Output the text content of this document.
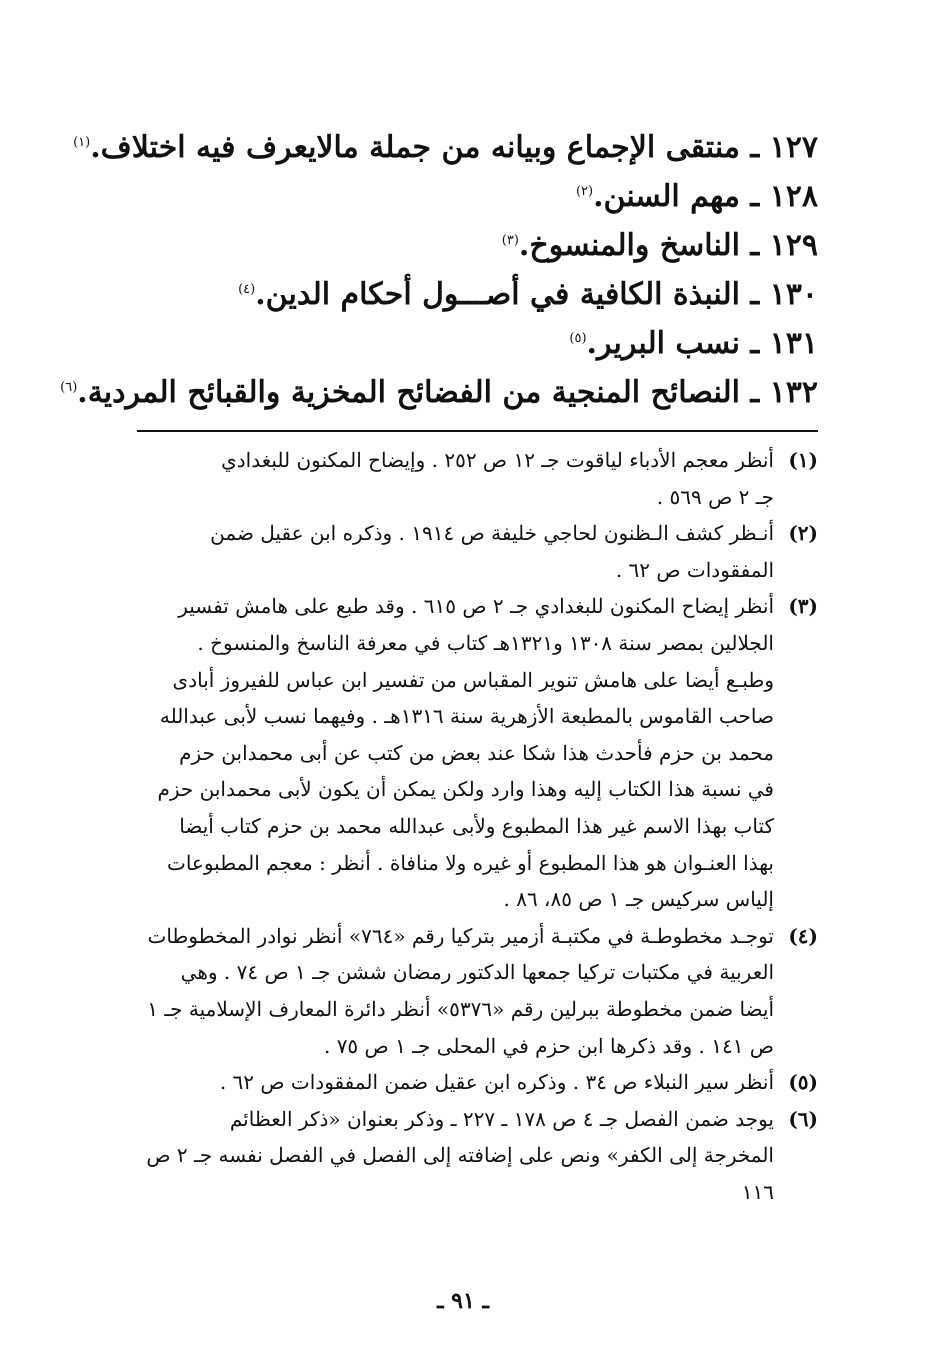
١٢٧ ـ منتقى الإجماع وبيانه من جملة مالايعرف فيه اختلاف.$^{(١)}$
١٢٨ ـ مهم السنن.$^{(٢)}$
١٢٩ ـ الناسخ والمنسوخ.$^{(٣)}$
١٣٠ ـ النبذة الكافية في أصـــول أحكام الدين.$^{(٤)}$
١٣١ ـ نسب البرير.$^{(٥)}$
١٣٢ ـ النصائح المنجية من الفضائح المخزية والقبائح المردية.$^{(٦)}$
(١)
أنظر معجم الأدباء لياقوت جـ ١٢ ص ٢٥٢ . وإيضاح المكنون للبغدادي
جـ ٢ ص ٥٦٩ .
(٢)
أنـظر كشف الـظنون لحاجي خليفة ص ١٩١٤ . وذكره ابن عقيل ضمن
المفقودات ص ٦٢ .
(٣)
أنظر إيضاح المكنون للبغدادي جـ ٢ ص ٦١٥ . وقد طبع على هامش تفسير
الجلالين بمصر سنة ١٣٠٨ و١٣٢١هـ كتاب في معرفة الناسخ والمنسوخ .
وطبـع أيضا على هامش تنوير المقباس من تفسير ابن عباس للفيروز أبادى
صاحب القاموس بالمطبعة الأزهرية سنة ١٣١٦هـ . وفيهما نسب لأبى عبدالله
محمد بن حزم فأحدث هذا شكا عند بعض من كتب عن أبى محمدابن حزم
في نسبة هذا الكتاب إليه وهذا وارد ولكن يمكن أن يكون لأبى محمدابن حزم
كتاب بهذا الاسم غير هذا المطبوع ولأبى عبدالله محمد بن حزم كتاب أيضا
بهذا العنـوان هو هذا المطبوع أو غيره ولا منافاة . أنظر : معجم المطبوعات
إلياس سركيس جـ ١ ص ٨٥، ٨٦ .
(٤)
توجـد مخطوطـة في مكتبـة أزمير بتركيا رقم «٧٦٤» أنظر نوادر المخطوطات
العربية في مكتبات تركيا جمعها الدكتور رمضان ششن جـ ١ ص ٧٤ . وهي
أيضا ضمن مخطوطة ببرلين رقم «٥٣٧٦» أنظر دائرة المعارف الإسلامية جـ ١
ص ١٤١ . وقد ذكرها ابن حزم في المحلى جـ ١ ص ٧٥ .
(٥)
أنظر سير النبلاء ص ٣٤ . وذكره ابن عقيل ضمن المفقودات ص ٦٢ .
(٦)
يوجد ضمن الفصل جـ ٤ ص ١٧٨ ـ ٢٢٧ ـ وذكر بعنوان «ذكر العظائم
المخرجة إلى الكفر» ونص على إضافته إلى الفصل في الفصل نفسه جـ ٢ ص
١١٦
ـ ٩١ ـ
